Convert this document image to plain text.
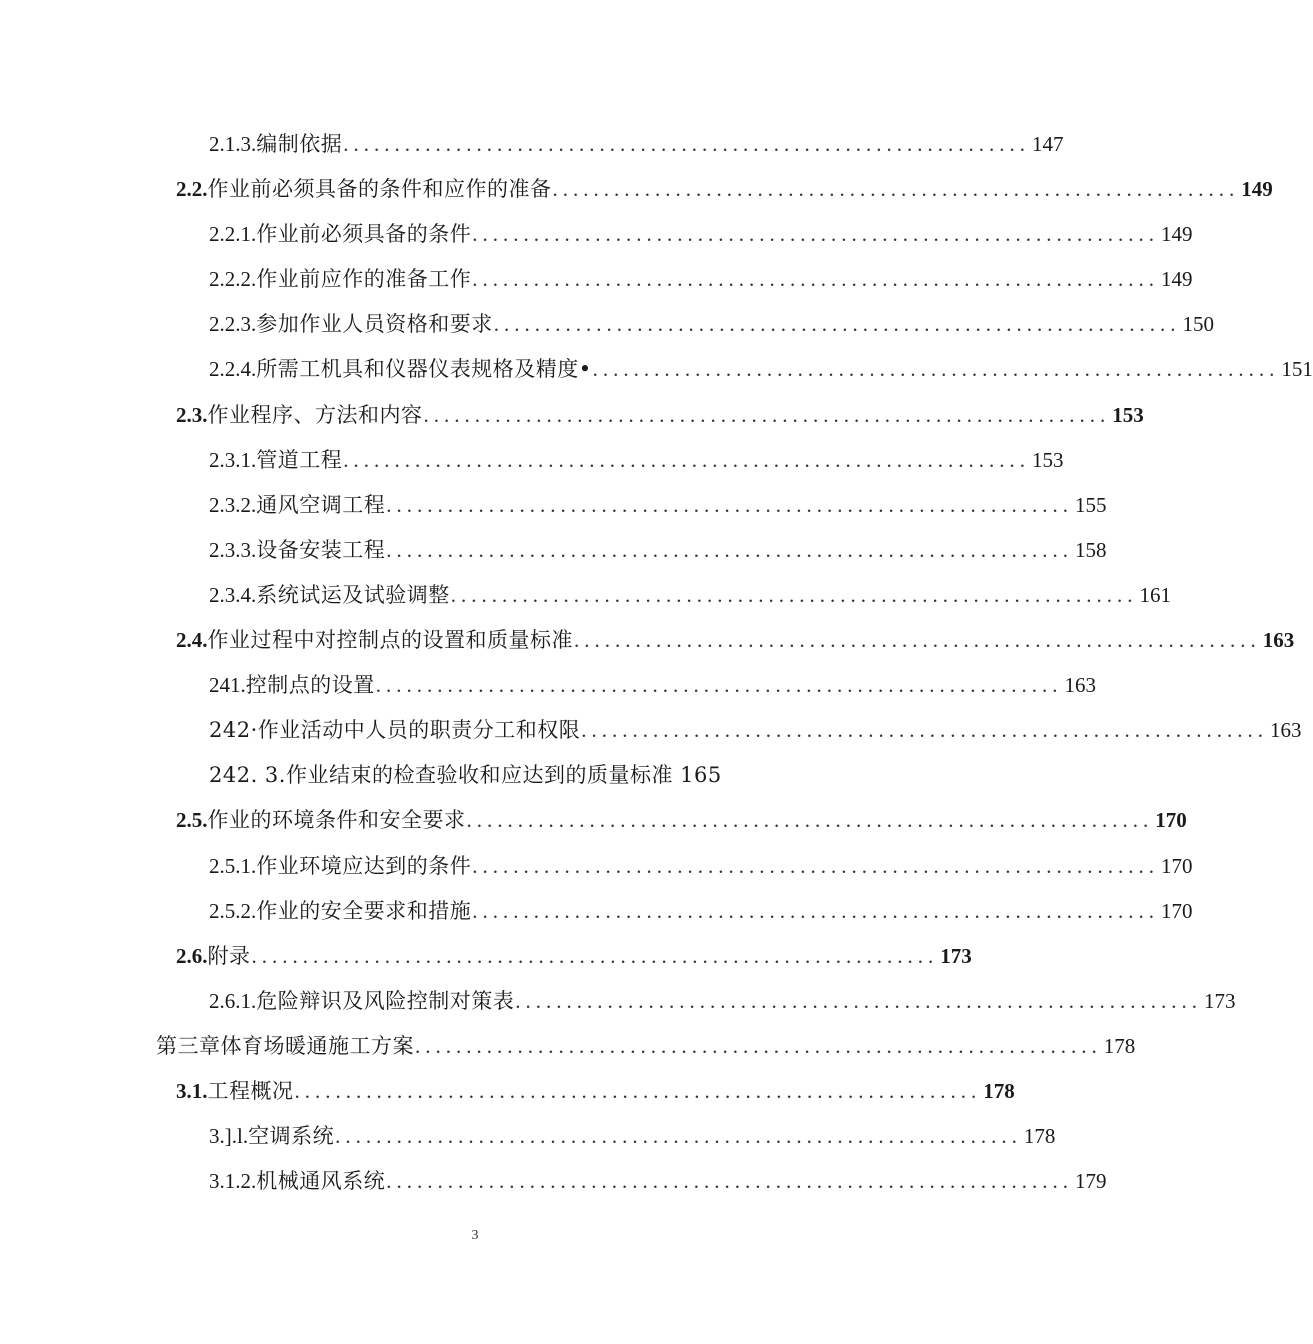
2.1.3. 编制依据 ................................................................... 147
2.2. 作业前必须具备的条件和应作的准备 ................................................................... 149
2.2.1. 作业前必须具备的条件 ................................................................... 149
2.2.2. 作业前应作的准备工作 ................................................................... 149
2.2.3. 参加作业人员资格和要求 ................................................................... 150
2.2.4. 所需工机具和仪器仪表规格及精度• ................................................................... 151
2.3. 作业程序、方法和内容 ................................................................... 153
2.3.1. 管道工程 ................................................................... 153
2.3.2. 通风空调工程 ................................................................... 155
2.3.3. 设备安装工程 ................................................................... 158
2.3.4. 系统试运及试验调整 ................................................................... 161
2.4. 作业过程中对控制点的设置和质量标准 ................................................................... 163
241. 控制点的设置 ................................................................... 163
242·作业活动中人员的职责分工和权限 ................................................................... 163
242. 3.作业结束的检查验收和应达到的质量标准 165
2.5. 作业的环境条件和安全要求 ................................................................... 170
2.5.1. 作业环境应达到的条件 ................................................................... 170
2.5.2. 作业的安全要求和措施 ................................................................... 170
2.6. 附录 ................................................................... 173
2.6.1. 危险辩识及风险控制对策表 ................................................................... 173
第三章体育场暖通施工方案 ................................................................... 178
3.1. 工程概况 ................................................................... 178
3.].l. 空调系统 ................................................................... 178
3.1.2. 机械通风系统 ................................................................... 179
3
